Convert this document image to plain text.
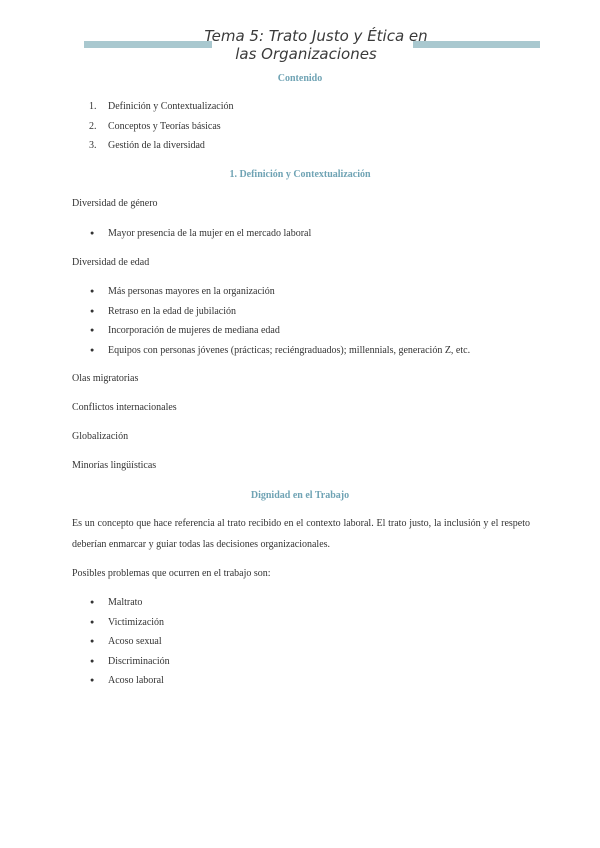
Tema 5: Trato Justo y Ética en
las Organizaciones
Contenido
1.	Definición y Contextualización
2.	Conceptos y Teorías básicas
3.	Gestión de la diversidad
1. Definición y Contextualización

Diversidad de género

● Mayor presencia de la mujer en el mercado laboral

Diversidad de edad

● Más personas mayores en la organización
● Retraso en la edad de jubilación
● Incorporación de mujeres de mediana edad
● Equipos con personas jóvenes (prácticas; reciéngraduados); millennials, generación Z, etc.

Olas migratorias

Conflictos internacionales

Globalización

Minorías lingüísticas

Dignidad en el Trabajo

Es un concepto que hace referencia al trato recibido en el contexto laboral. El trato justo, la inclusión y el respeto deberían enmarcar y guiar todas las decisiones organizacionales.

Posibles problemas que ocurren en el trabajo son:

● Maltrato
● Victimización
● Acoso sexual
● Discriminación
● Acoso laboral
